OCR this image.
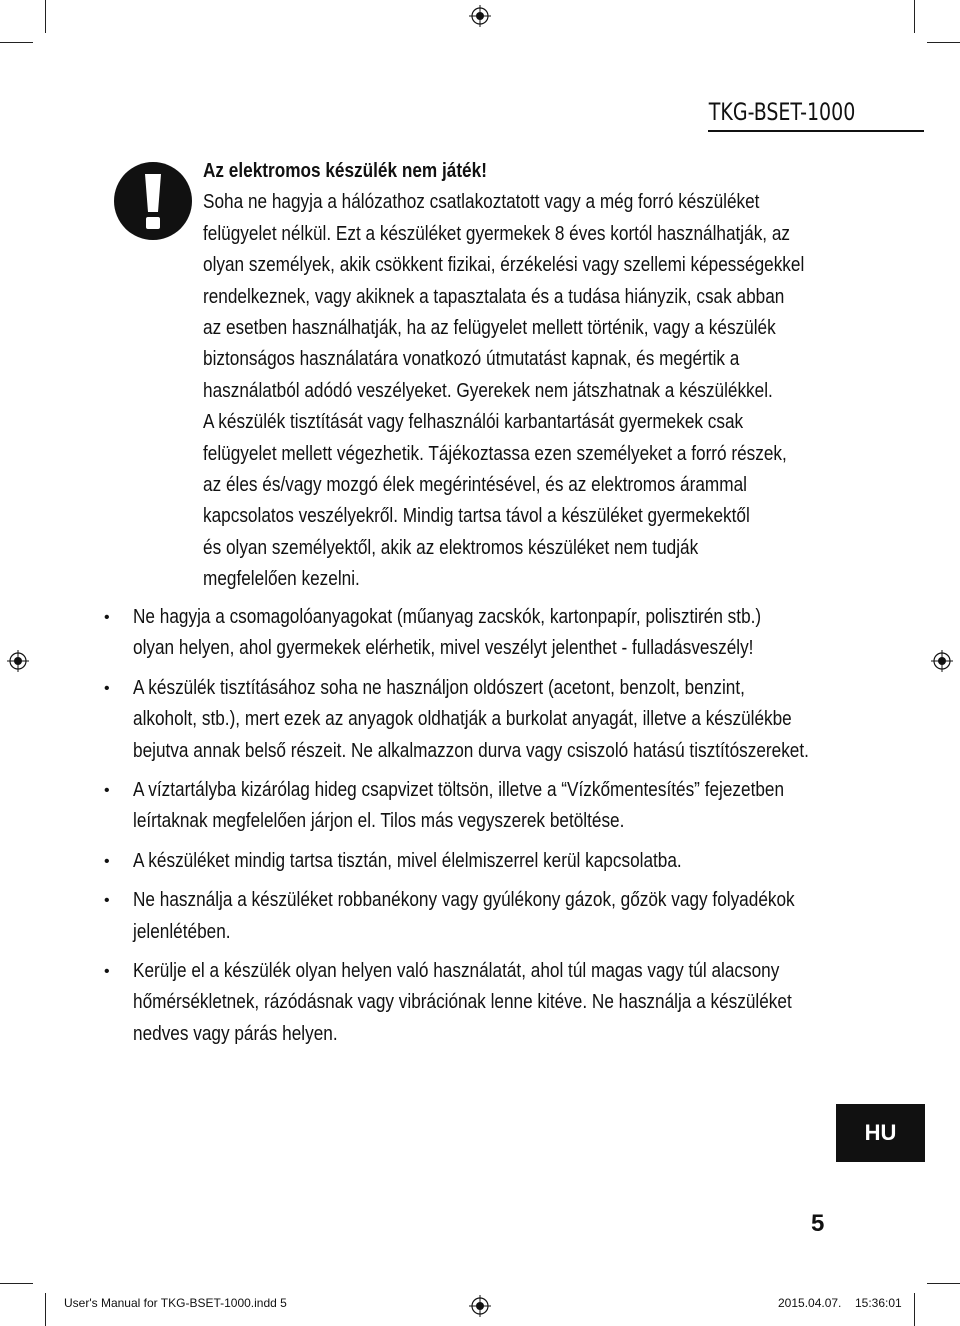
TKG-BSET-1000
Az elektromos készülék nem játék!
Soha ne hagyja a hálózathoz csatlakoztatott vagy a még forró készüléket
felügyelet nélkül. Ezt a készüléket gyermekek 8 éves kortól használhatják, az
olyan személyek, akik csökkent fizikai, érzékelési vagy szellemi képességekkel
rendelkeznek, vagy akiknek a tapasztalata és a tudása hiányzik, csak abban
az esetben használhatják, ha az felügyelet mellett történik, vagy a készülék
biztonságos használatára vonatkozó útmutatást kapnak, és megértik a
használatból adódó veszélyeket. Gyerekek nem játszhatnak a készülékkel.
A készülék tisztítását vagy felhasználói karbantartását gyermekek csak
felügyelet mellett végezhetik. Tájékoztassa ezen személyeket a forró részek,
az éles és/vagy mozgó élek megérintésével, és az elektromos árammal
kapcsolatos veszélyekről. Mindig tartsa távol a készüléket gyermekektől
és olyan személyektől, akik az elektromos készüléket nem tudják
megfelelően kezelni.
• Ne hagyja a csomagolóanyagokat (műanyag zacskók, kartonpapír, polisztirén stb.)
olyan helyen, ahol gyermekek elérhetik, mivel veszélyt jelenthet - fulladásveszély!
• A készülék tisztításához soha ne használjon oldószert (acetont, benzolt, benzint,
alkoholt, stb.), mert ezek az anyagok oldhatják a burkolat anyagát, illetve a készülékbe
bejutva annak belső részeit. Ne alkalmazzon durva vagy csiszoló hatású tisztítószereket.
• A víztartályba kizárólag hideg csapvizet töltsön, illetve a “Vízkőmentesítés” fejezetben
leírtaknak megfelelően járjon el. Tilos más vegyszerek betöltése.
• A készüléket mindig tartsa tisztán, mivel élelmiszerrel kerül kapcsolatba.
• Ne használja a készüléket robbanékony vagy gyúlékony gázok, gőzök vagy folyadékok
jelenlétében.
• Kerülje el a készülék olyan helyen való használatát, ahol túl magas vagy túl alacsony
hőmérsékletnek, rázódásnak vagy vibrációnak lenne kitéve. Ne használja a készüléket
nedves vagy párás helyen.
HU
5
User's Manual for TKG-BSET-1000.indd 5	2015.04.07. 15:36:01
